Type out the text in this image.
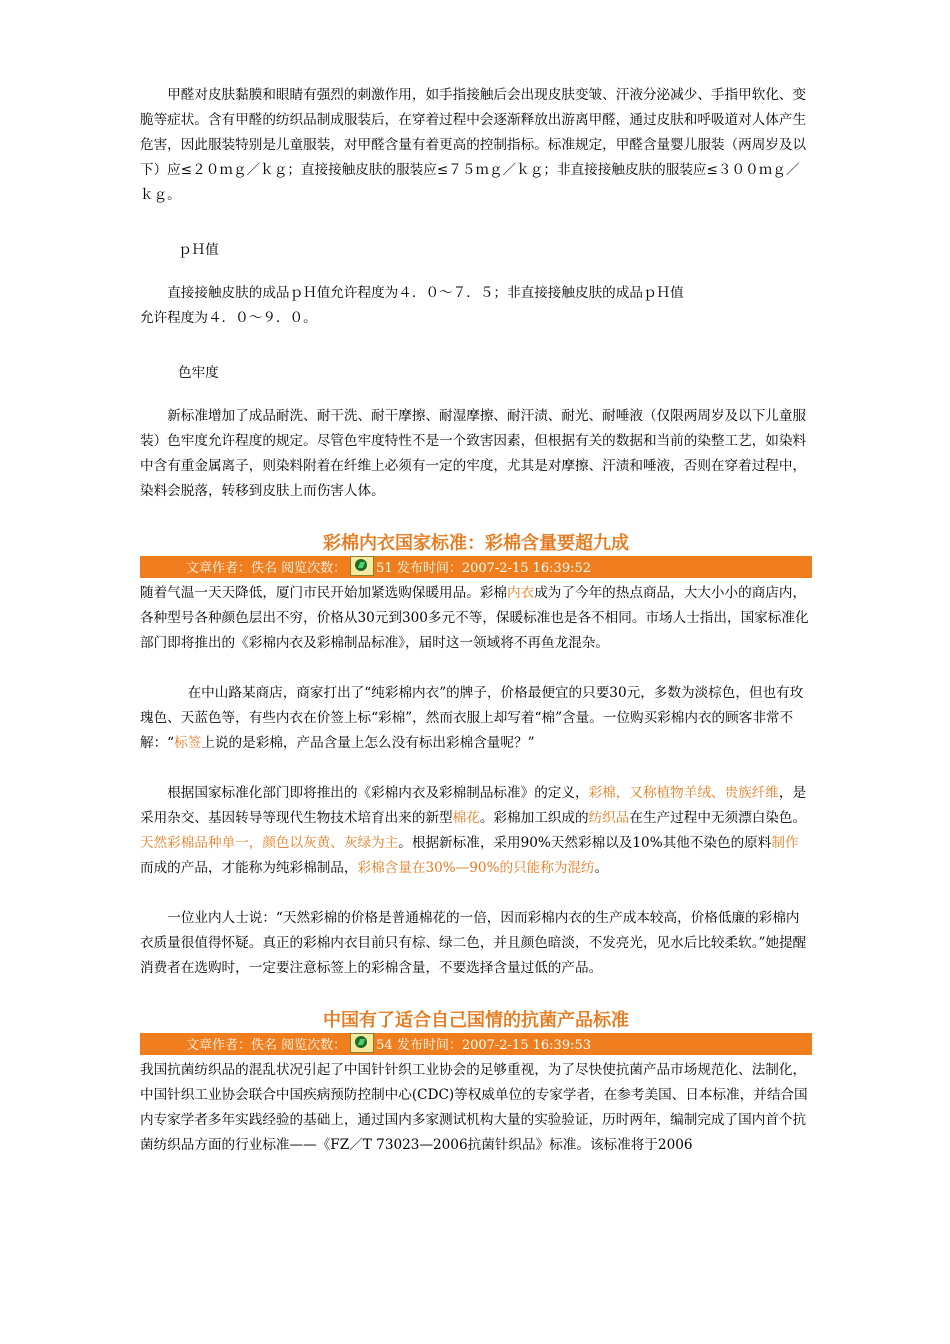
甲醛对皮肤黏膜和眼睛有强烈的刺激作用，如手指接触后会出现皮肤变皱、汗液分泌减少、手指甲软化、变脆等症状。含有甲醛的纺织品制成服装后，在穿着过程中会逐渐释放出游离甲醛，通过皮肤和呼吸道对人体产生危害，因此服装特别是儿童服装，对甲醛含量有着更高的控制指标。标准规定，甲醛含量婴儿服装（两周岁及以下）应≤２０ｍｇ／ｋｇ；直接接触皮肤的服装应≤７５ｍｇ／ｋｇ；非直接接触皮肤的服装应≤３００ｍｇ／ｋｇ。

ｐＨ值

直接接触皮肤的成品ｐＨ值允许程度为４．０～７．５；非直接接触皮肤的成品ｐＨ值

允许程度为４．０～９．０。

色牢度

新标准增加了成品耐洗、耐干洗、耐干摩擦、耐湿摩擦、耐汗渍、耐光、耐唾液（仅限两周岁及以下儿童服装）色牢度允许程度的规定。尽管色牢度特性不是一个致害因素，但根据有关的数据和当前的染整工艺，如染料中含有重金属离子，则染料附着在纤维上必须有一定的牢度，尤其是对摩擦、汗渍和唾液，否则在穿着过程中，染料会脱落，转移到皮肤上而伤害人体。

彩棉内衣国家标准：彩棉含量要超九成
文章作者：佚名 阅览次数： 51 发布时间：2007-2-15 16:39:52

随着气温一天天降低，厦门市民开始加紧选购保暖用品。彩棉内衣成为了今年的热点商品，大大小小的商店内，各种型号各种颜色层出不穷，价格从30元到300多元不等，保暖标准也是各不相同。市场人士指出，国家标准化部门即将推出的《彩棉内衣及彩棉制品标准》，届时这一领域将不再鱼龙混杂。

在中山路某商店，商家打出了“纯彩棉内衣”的牌子，价格最便宜的只要30元，多数为淡棕色，但也有玫瑰色、天蓝色等，有些内衣在价签上标“彩棉”，然而衣服上却写着“棉”含量。一位购买彩棉内衣的顾客非常不解：“标签上说的是彩棉，产品含量上怎么没有标出彩棉含量呢？”

根据国家标准化部门即将推出的《彩棉内衣及彩棉制品标准》的定义，彩棉，又称植物羊绒、贵族纤维，是采用杂交、基因转导等现代生物技术培育出来的新型棉花。彩棉加工织成的纺织品在生产过程中无须漂白染色。天然彩棉品种单一，颜色以灰黄、灰绿为主。根据新标准，采用90%天然彩棉以及10%其他不染色的原料制作而成的产品，才能称为纯彩棉制品，彩棉含量在30%—90%的只能称为混纺。

一位业内人士说：“天然彩棉的价格是普通棉花的一倍，因而彩棉内衣的生产成本较高，价格低廉的彩棉内衣质量很值得怀疑。真正的彩棉内衣目前只有棕、绿二色，并且颜色暗淡，不发亮光，见水后比较柔软。”她提醒消费者在选购时，一定要注意标签上的彩棉含量，不要选择含量过低的产品。

中国有了适合自己国情的抗菌产品标准
文章作者：佚名 阅览次数： 54 发布时间：2007-2-15 16:39:53

我国抗菌纺织品的混乱状况引起了中国针针织工业协会的足够重视，为了尽快使抗菌产品市场规范化、法制化，中国针织工业协会联合中国疾病预防控制中心(CDC)等权威单位的专家学者，在参考美国、日本标准，并结合国内专家学者多年实践经验的基础上，通过国内多家测试机构大量的实验验证，历时两年，编制完成了国内首个抗菌纺织品方面的行业标准——《FZ／T 73023—2006抗菌针织品》标准。该标准将于2006
